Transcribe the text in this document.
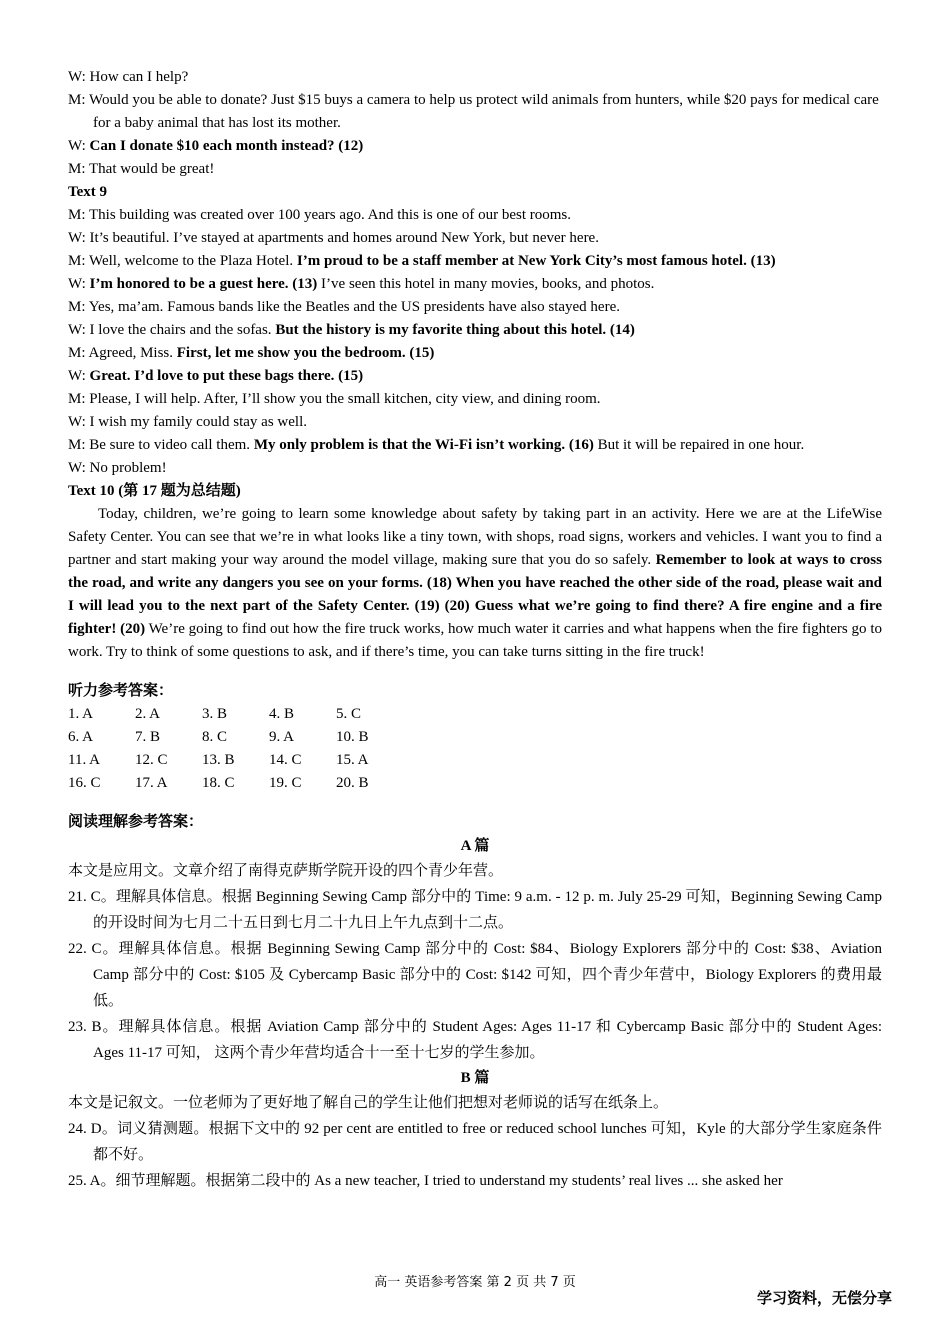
W: How can I help?
M: Would you be able to donate? Just $15 buys a camera to help us protect wild animals from hunters, while $20 pays for medical care for a baby animal that has lost its mother.
W: Can I donate $10 each month instead? (12)
M: That would be great!
Text 9
M: This building was created over 100 years ago. And this is one of our best rooms.
W: It’s beautiful. I’ve stayed at apartments and homes around New York, but never here.
M: Well, welcome to the Plaza Hotel. I’m proud to be a staff member at New York City’s most famous hotel. (13)
W: I’m honored to be a guest here. (13) I’ve seen this hotel in many movies, books, and photos.
M: Yes, ma’am. Famous bands like the Beatles and the US presidents have also stayed here.
W: I love the chairs and the sofas. But the history is my favorite thing about this hotel. (14)
M: Agreed, Miss. First, let me show you the bedroom. (15)
W: Great. I’d love to put these bags there. (15)
M: Please, I will help. After, I’ll show you the small kitchen, city view, and dining room.
W: I wish my family could stay as well.
M: Be sure to video call them. My only problem is that the Wi-Fi isn’t working. (16) But it will be repaired in one hour.
W: No problem!
Text 10 (第 17 题为总结题)

Today, children, we’re going to learn some knowledge about safety by taking part in an activity. Here we are at the LifeWise Safety Center. You can see that we’re in what looks like a tiny town, with shops, road signs, workers and vehicles. I want you to find a partner and start making your way around the model village, making sure that you do so safely. Remember to look at ways to cross the road, and write any dangers you see on your forms. (18) When you have reached the other side of the road, please wait and I will lead you to the next part of the Safety Center. (19) (20) Guess what we’re going to find there? A fire engine and a fire fighter! (20) We’re going to find out how the fire truck works, how much water it carries and what happens when the fire fighters go to work. Try to think of some questions to ask, and if there’s time, you can take turns sitting in the fire truck!

听力参考答案：
1. A	2. A	3. B	4. B	5. C
6. A	7. B	8. C	9. A	10. B
11. A	12. C	13. B	14. C	15. A
16. C	17. A	18. C	19. C	20. B
阅读理解参考答案：
A 篇
本文是应用文。文章介绍了南得克萨斯学院开设的四个青少年营。
21. C。理解具体信息。根据 Beginning Sewing Camp 部分中的 Time: 9 a.m. - 12 p. m. July 25-29 可知，Beginning Sewing Camp 的开设时间为七月二十五日到七月二十九日上午九点到十二点。
22. C。理解具体信息。根据 Beginning Sewing Camp 部分中的 Cost: $84、Biology Explorers 部分中的 Cost: $38、Aviation Camp 部分中的 Cost: $105 及 Cybercamp Basic 部分中的 Cost: $142 可知，四个青少年营中，Biology Explorers 的费用最低。
23. B。理解具体信息。根据 Aviation Camp 部分中的 Student Ages: Ages 11-17 和 Cybercamp Basic 部分中的 Student Ages: Ages 11-17 可知， 这两个青少年营均适合十一至十七岁的学生参加。
B 篇
本文是记叙文。一位老师为了更好地了解自己的学生让他们把想对老师说的话写在纸条上。
24. D。词义猜测题。根据下文中的 92 per cent are entitled to free or reduced school lunches 可知，Kyle 的大部分学生家庭条件都不好。
25. A。细节理解题。根据第二段中的 As a new teacher, I tried to understand my students’ real lives ... she asked her
高一 英语参考答案 第 2 页 共 7 页
学习资料，无偿分享
